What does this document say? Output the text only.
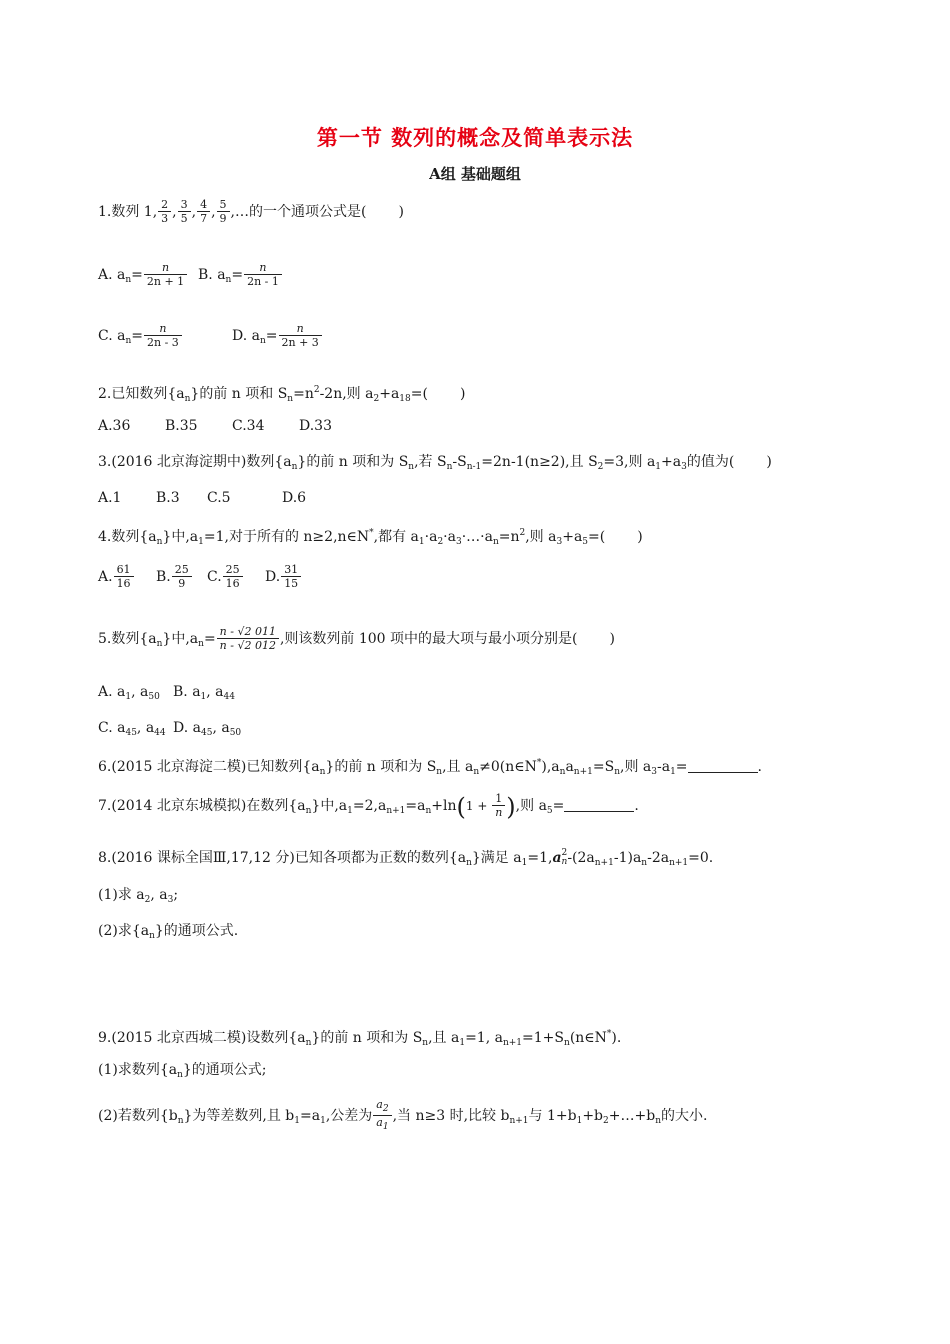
第一节 数列的概念及简单表示法
A组 基础题组
1.数列 1, $\frac{2}{3}$ , $\frac{3}{5}$ , $\frac{4}{7}$ , $\frac{5}{9}$ ,…的一个通项公式是( )
A. $a_n= \frac{n}{2n + 1} B$. $a_n= \frac{n}{2n - 1}$
C. $a_n= \frac{n}{2n - 3}$	D. $a_n= \frac{n}{2n + 3}$
2.已知数列$\{a_n\}$的前 n 项和 $S_n=n^2-2n$,则 $a_2+a_{18}=$( )
A.36 B.35 C.34 D.33
3.(2016 北京海淀期中)数列$\{a_n\}$的前 n 项和为 $S_n$,若 $S_n-S_{n-1}=2n-1(n\ge 2)$,且 $S_2=3$,则 $a_1+a_3$的值为( )
A.1 B.3 C.5	D.6
4.数列$\{a_n\}$中$,a_1=1$,对于所有的 n≥2,n∈N*,都有 $a_1\cdot a_2\cdot a_3\cdot\dots\cdot a_n=n^2$,则 $a_3+a_5=$( )
A. $\frac{61}{16} B$. $\frac{25}{9} C$. $\frac{25}{16} D$. $\frac{31}{15}$
5.数列$\{a_n\}$中$,a_n= \frac{n - √2 011}{n - √2 012}$ ,则该数列前 100 项中的最大项与最小项分别是( )
A. $a_1$, $a_{50}$ B. $a_1$, $a_{44}$
C. $a_{45}$, $a_{44}$ D. $a_{45}$, $a_{50}$
6.(2015 北京海淀二模)已知数列$\{a_n\}$的前 n 项和为 $S_n$,且 $a_n\ne 0(n\in N^*),a_na_{n+1}=S_n$,则 $a_3-a_1=$	.
7.(2014 北京东城模拟)在数列$\{a_n\}$中$,a_1=2,a_{n+1}=a_n+\ln(1 + \frac{1}{n}$ ),则 $a_5=$	.
8.(2016 课标全国Ⅲ,17,12 分)已知各项都为正数的数列$\{a_n\}$满足 $a_1=1,a$ 2
n $-(2a_{n+1}-1)a_n-2a_{n+1}=0$.
(1)求 $a_2$, $a_3$;
(2)求$\{a_n\}$的通项公式.
9.(2015 北京西城二模)设数列$\{a_n\}$的前 n 项和为 $S_n$,且 $a_1=1$, $a_{n+1}=1+S_n(n\in N^*)$.
(1)求数列$\{a_n\}$的通项公式;
(2)若数列$\{b_n\}$为等差数列,且 $b_1=a_1$,公差为 $\frac{a_2}{a_1}$ ,当 n≥3 时,比较 $b_{n+1}$与 $1+b_1+b_2+\dots+b_n$的大小.
